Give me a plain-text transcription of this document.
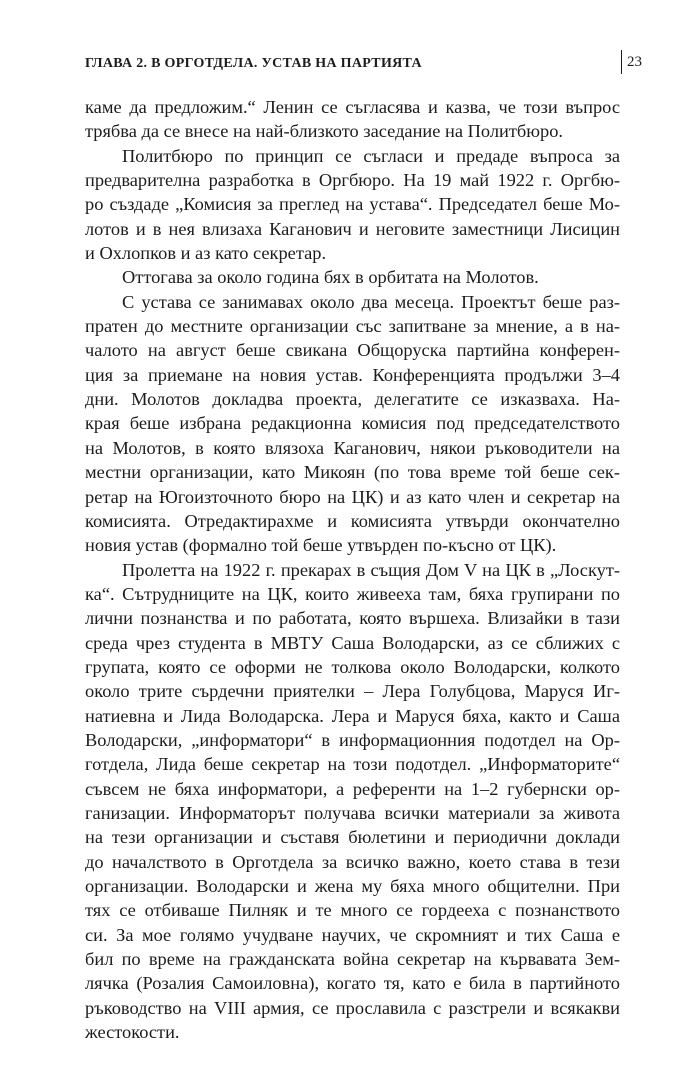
ГЛАВА 2. В ОРГОТДЕЛА. УСТАВ НА ПАРТИЯТА	23
каме да предложим.“ Ленин се съгласява и казва, че този въпрос
трябва да се внесе на най-близкото заседание на Политбюро.
Политбюро по принцип се съгласи и предаде въпроса за
предварителна разработка в Оргбюро. На 19 май 1922 г. Оргбю-
ро създаде „Комисия за преглед на устава“. Председател беше Мо-
лотов и в нея влизаха Каганович и неговите заместници Лисицин
и Охлопков и аз като секретар.
Оттогава за около година бях в орбитата на Молотов.
С устава се занимавах около два месеца. Проектът беше раз-
пратен до местните организации със запитване за мнение, а в на-
чалото на август беше свикана Общоруска партийна конферен-
ция за приемане на новия устав. Конференцията продължи 3–4
дни. Молотов докладва проекта, делегатите се изказваха. На-
края беше избрана редакционна комисия под председателството
на Молотов, в която влязоха Каганович, някои ръководители на
местни организации, като Микоян (по това време той беше сек-
ретар на Югоизточното бюро на ЦК) и аз като член и секретар на
комисията. Отредактирахме и комисията утвърди окончателно
новия устав (формално той беше утвърден по-късно от ЦК).
Пролетта на 1922 г. прекарах в същия Дом V на ЦК в „Лоскут-
ка“. Сътрудниците на ЦК, които живееха там, бяха групирани по
лични познанства и по работата, която вършеха. Влизайки в тази
среда чрез студента в МВТУ Саша Володарски, аз се сближих с
групата, която се оформи не толкова около Володарски, колкото
около трите сърдечни приятелки – Лера Голубцова, Маруся Иг-
натиевна и Лида Володарска. Лера и Маруся бяха, както и Саша
Володарски, „информатори“ в информационния подотдел на Ор-
готдела, Лида беше секретар на този подотдел. „Информаторите“
съвсем не бяха информатори, а референти на 1–2 губернски ор-
ганизации. Информаторът получава всички материали за живота
на тези организации и съставя бюлетини и периодични доклади
до началството в Орготдела за всичко важно, което става в тези
организации. Володарски и жена му бяха много общителни. При
тях се отбиваше Пилняк и те много се гордееха с познанството
си. За мое голямо учудване научих, че скромният и тих Саша е
бил по време на гражданската война секретар на кървавата Зем-
лячка (Розалия Самоиловна), когато тя, като е била в партийното
ръководство на VIII армия, се прославила с разстрели и всякакви
жестокости.
